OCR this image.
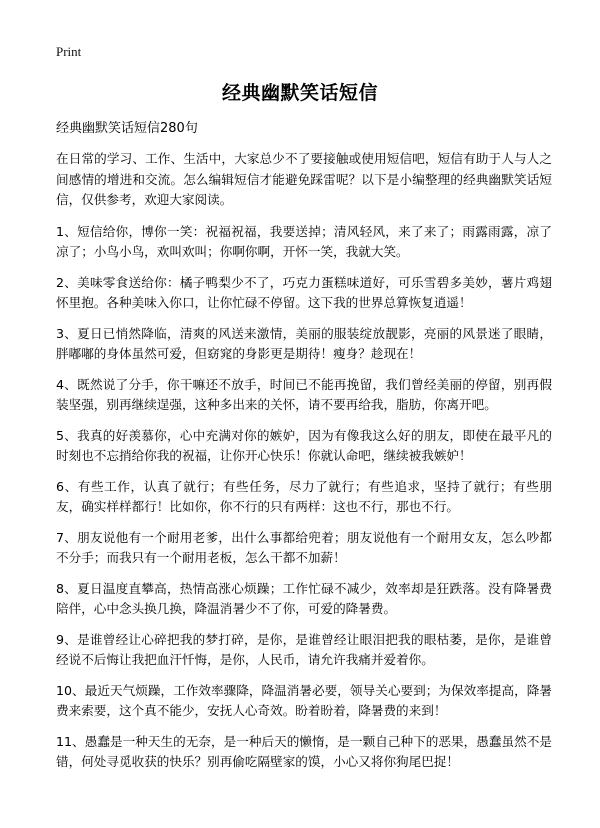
Print
经典幽默笑话短信
经典幽默笑话短信280句

在日常的学习、工作、生活中，大家总少不了要接触或使用短信吧，短信有助于人与人之间感情的增进和交流。怎么编辑短信才能避免踩雷呢？以下是小编整理的经典幽默笑话短信，仅供参考，欢迎大家阅读。

1、短信给你，博你一笑：祝福祝福，我要送掉；清风轻风，来了来了；雨露雨露，凉了凉了；小鸟小鸟，欢叫欢叫；你啊你啊，开怀一笑，我就大笑。

2、美味零食送给你：橘子鸭梨少不了，巧克力蛋糕味道好，可乐雪碧多美妙，薯片鸡翅怀里抱。各种美味入你口，让你忙碌不停留。这下我的世界总算恢复逍遥！

3、夏日已悄然降临，清爽的风送来激情，美丽的服装绽放靓影，亮丽的风景迷了眼睛，胖嘟嘟的身体虽然可爱，但窈窕的身影更是期待！瘦身？趁现在！

4、既然说了分手，你干嘛还不放手，时间已不能再挽留，我们曾经美丽的停留，别再假装坚强，别再继续逞强，这种多出来的关怀，请不要再给我，脂肪，你离开吧。

5、我真的好羡慕你，心中充满对你的嫉妒，因为有像我这么好的朋友，即使在最平凡的时刻也不忘捎给你我的祝福，让你开心快乐！你就认命吧，继续被我嫉妒！

6、有些工作，认真了就行；有些任务，尽力了就行；有些追求，坚持了就行；有些朋友，确实样样都行！比如你，你不行的只有两样：这也不行，那也不行。

7、朋友说他有一个耐用老爹，出什么事都给兜着；朋友说他有一个耐用女友，怎么吵都不分手；而我只有一个耐用老板，怎么干都不加薪！

8、夏日温度直攀高，热情高涨心烦躁；工作忙碌不减少，效率却是狂跌落。没有降暑费陪伴，心中念头换几换，降温消暑少不了你，可爱的降暑费。

9、是谁曾经让心碎把我的梦打碎，是你，是谁曾经让眼泪把我的眼枯萎，是你，是谁曾经说不后悔让我把血汗忏悔，是你，人民币，请允许我痛并爱着你。

10、最近天气烦躁，工作效率骤降，降温消暑必要，领导关心要到；为保效率提高，降暑费来索要，这个真不能少，安抚人心奇效。盼着盼着，降暑费的来到！

11、愚蠢是一种天生的无奈，是一种后天的懒惰，是一颗自己种下的恶果，愚蠢虽然不是错，何处寻觅收获的快乐？别再偷吃隔壁家的馍，小心又将你狗尾巴捉！
